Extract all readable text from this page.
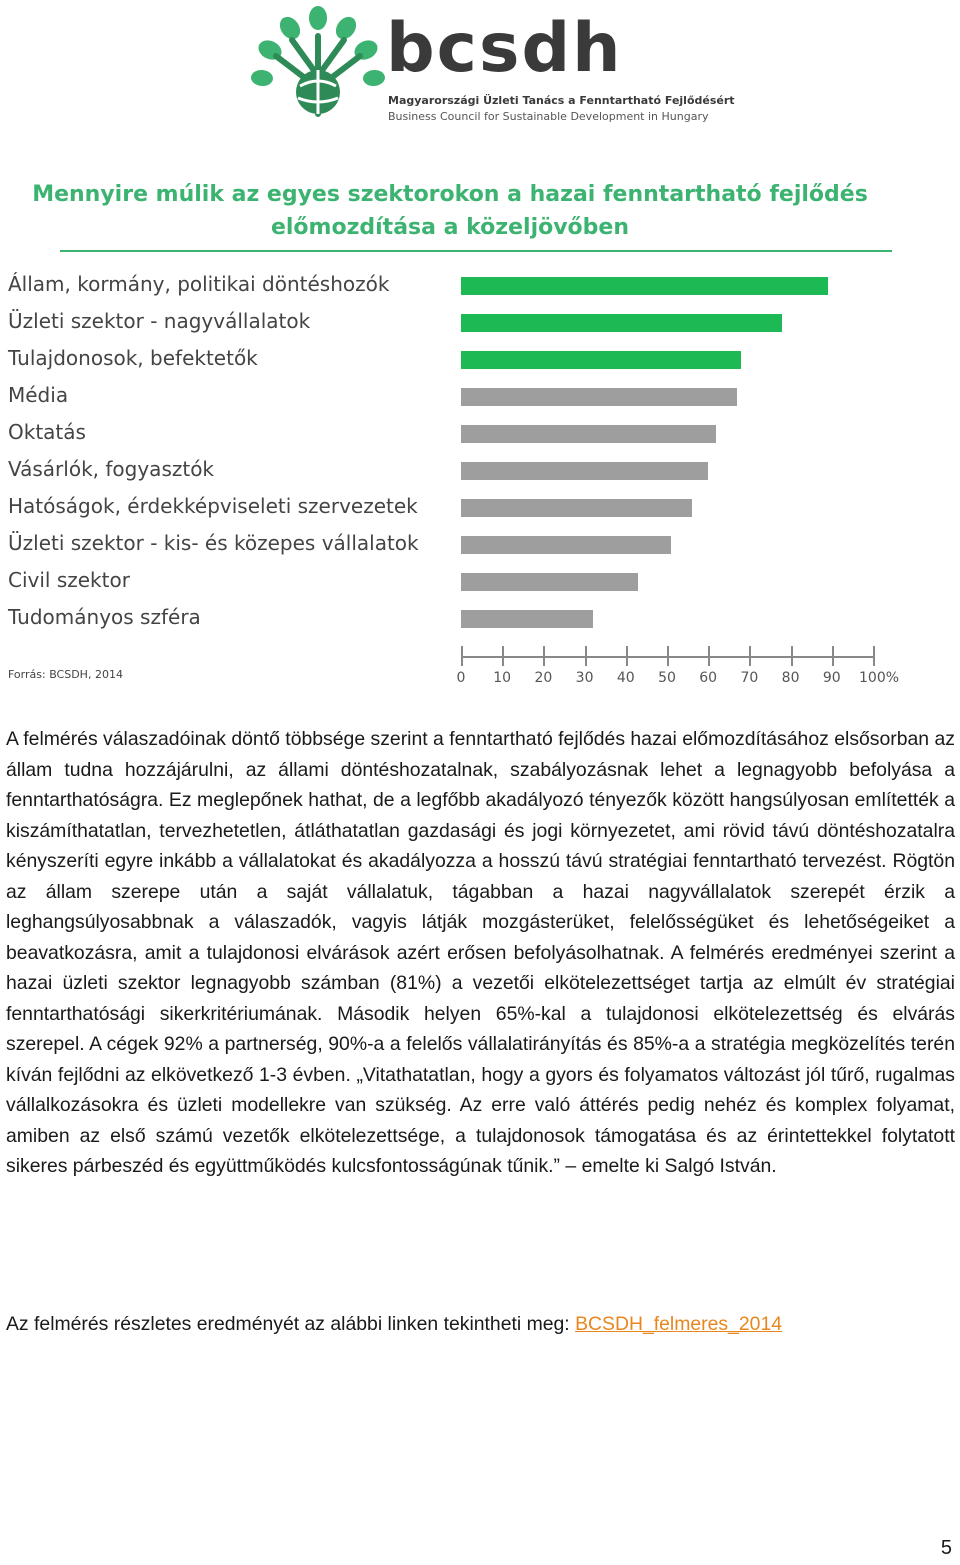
bcsdh
Magyarországi Üzleti Tanács a Fenntartható Fejlődésért
Business Council for Sustainable Development in Hungary
Mennyire múlik az egyes szektorokon a hazai fenntartható fejlődés
előmozdítása a közeljövőben
Állam, kormány, politikai döntéshozók
Üzleti szektor - nagyvállalatok
Tulajdonosok, befektetők
Média
Oktatás
Vásárlók, fogyasztók
Hatóságok, érdekképviseleti szervezetek
Üzleti szektor - kis- és közepes vállalatok
Civil szektor
Tudományos szféra
0	10	20	30	40	50	60	70	80	90	100%
Forrás: BCSDH, 2014

A felmérés válaszadóinak döntő többsége szerint a fenntartható fejlődés hazai előmozdításához elsősorban az állam tudna hozzájárulni, az állami döntéshozatalnak, szabályozásnak lehet a legnagyobb befolyása a fenntarthatóságra. Ez meglepőnek hathat, de a legfőbb akadályozó tényezők között hangsúlyosan említették a kiszámíthatatlan, tervezhetetlen, átláthatatlan gazdasági és jogi környezetet, ami rövid távú döntéshozatalra kényszeríti egyre inkább a vállalatokat és akadályozza a hosszú távú stratégiai fenntartható tervezést. Rögtön az állam szerepe után a saját vállalatuk, tágabban a hazai nagyvállalatok szerepét érzik a leghangsúlyosabbnak a válaszadók, vagyis látják mozgásterüket, felelősségüket és lehetőségeiket a beavatkozásra, amit a tulajdonosi elvárások azért erősen befolyásolhatnak. A felmérés eredményei szerint a hazai üzleti szektor legnagyobb számban (81%) a vezetői elkötelezettséget tartja az elmúlt év stratégiai fenntarthatósági sikerkritériumának. Második helyen 65%-kal a tulajdonosi elkötelezettség és elvárás szerepel. A cégek 92% a partnerség, 90%-a a felelős vállalatirányítás és 85%-a a stratégia megközelítés terén kíván fejlődni az elkövetkező 1-3 évben. „Vitathatatlan, hogy a gyors és folyamatos változást jól tűrő, rugalmas vállalkozásokra és üzleti modellekre van szükség. Az erre való áttérés pedig nehéz és komplex folyamat, amiben az első számú vezetők elkötelezettsége, a tulajdonosok támogatása és az érintettekkel folytatott sikeres párbeszéd és együttműködés kulcsfontosságúnak tűnik.” – emelte ki Salgó István.

Az felmérés részletes eredményét az alábbi linken tekintheti meg: BCSDH_felmeres_2014

5
